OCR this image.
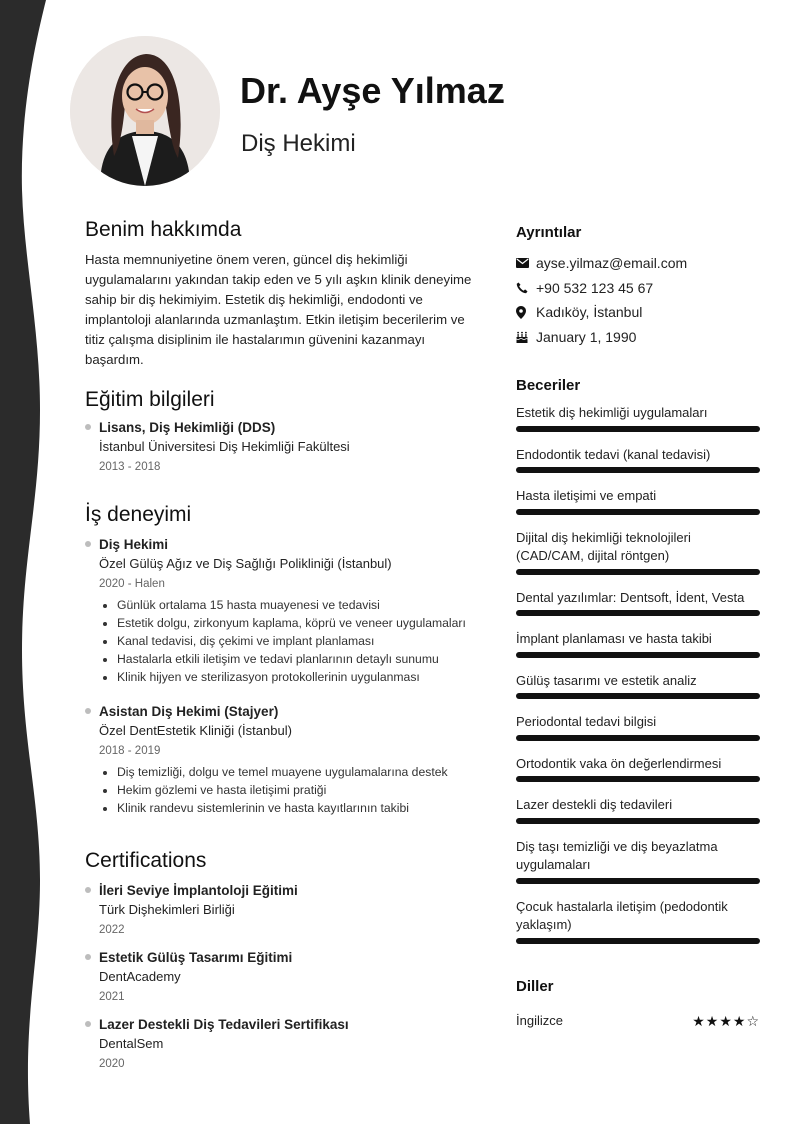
Dr. Ayşe Yılmaz
Diş Hekimi
Benim hakkımda
Hasta memnuniyetine önem veren, güncel diş hekimliği uygulamalarını yakından takip eden ve 5 yılı aşkın klinik deneyime sahip bir diş hekimiyim. Estetik diş hekimliği, endodonti ve implantoloji alanlarında uzmanlaştım. Etkin iletişim becerilerim ve titiz çalışma disiplinim ile hastalarımın güvenini kazanmayı başardım.
Eğitim bilgileri
Lisans, Diş Hekimliği (DDS)
İstanbul Üniversitesi Diş Hekimliği Fakültesi
2013 - 2018
İş deneyimi
Diş Hekimi
Özel Gülüş Ağız ve Diş Sağlığı Polikliniği (İstanbul)
2020 - Halen
• Günlük ortalama 15 hasta muayenesi ve tedavisi
• Estetik dolgu, zirkonyum kaplama, köprü ve veneer uygulamaları
• Kanal tedavisi, diş çekimi ve implant planlaması
• Hastalarla etkili iletişim ve tedavi planlarının detaylı sunumu
• Klinik hijyen ve sterilizasyon protokollerinin uygulanması
Asistan Diş Hekimi (Stajyer)
Özel DentEstetik Kliniği (İstanbul)
2018 - 2019
• Diş temizliği, dolgu ve temel muayene uygulamalarına destek
• Hekim gözlemi ve hasta iletişimi pratiği
• Klinik randevu sistemlerinin ve hasta kayıtlarının takibi
Certifications
İleri Seviye İmplantoloji Eğitimi
Türk Dişhekimleri Birliği
2022
Estetik Gülüş Tasarımı Eğitimi
DentAcademy
2021
Lazer Destekli Diş Tedavileri Sertifikası
DentalSem
2020
Ayrıntılar
ayse.yilmaz@email.com
+90 532 123 45 67
Kadıköy, İstanbul
January 1, 1990
Beceriler
Estetik diş hekimliği uygulamaları
Endodontik tedavi (kanal tedavisi)
Hasta iletişimi ve empati
Dijital diş hekimliği teknolojileri (CAD/CAM, dijital röntgen)
Dental yazılımlar: Dentsoft, İdent, Vesta
İmplant planlaması ve hasta takibi
Gülüş tasarımı ve estetik analiz
Periodontal tedavi bilgisi
Ortodontik vaka ön değerlendirmesi
Lazer destekli diş tedavileri
Diş taşı temizliği ve diş beyazlatma uygulamaları
Çocuk hastalarla iletişim (pedodontik yaklaşım)
Diller
İngilizce	★★★★☆
